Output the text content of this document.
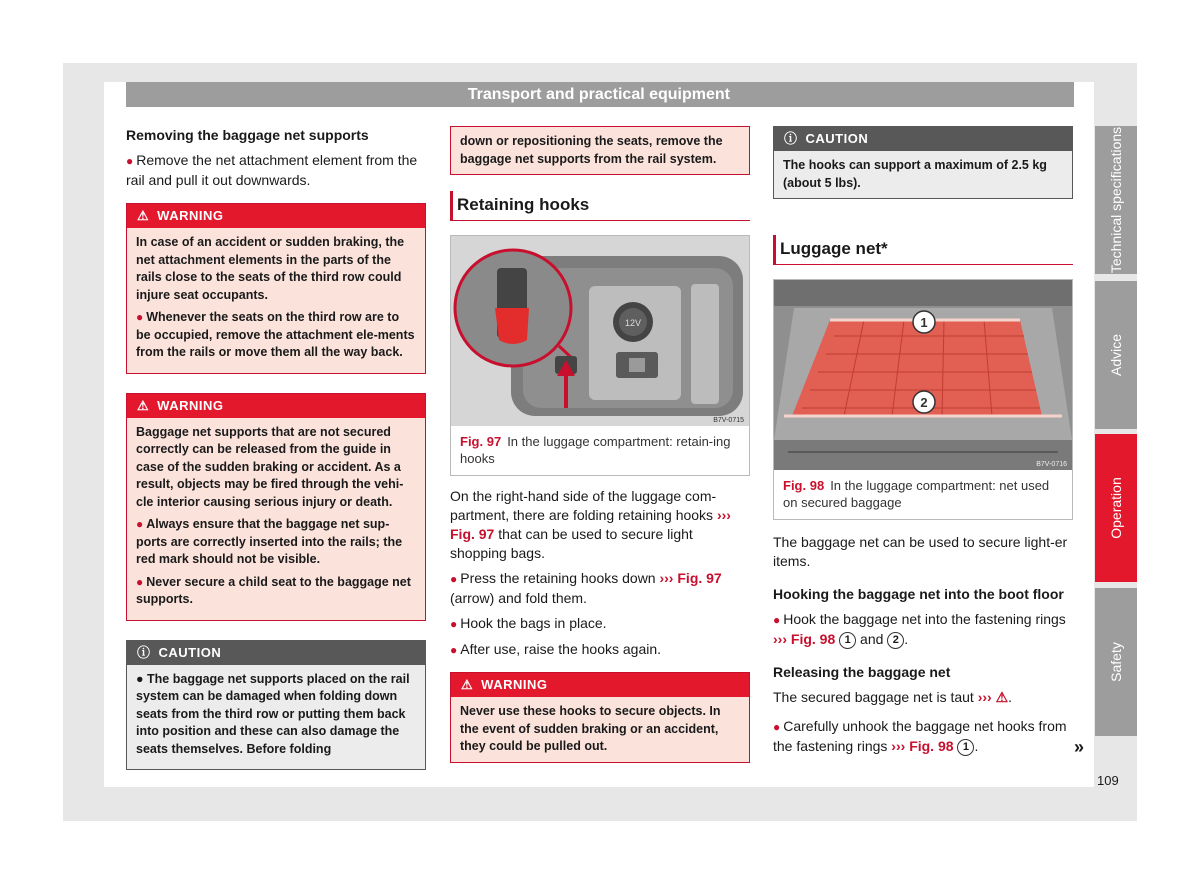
Transport and practical equipment
Removing the baggage net supports

● Remove the net attachment element from the rail and pull it out downwards.

⚠ WARNING

In case of an accident or sudden braking, the net attachment elements in the parts of the rails close to the seats of the third row could injure seat occupants.

● Whenever the seats on the third row are to be occupied, remove the attachment ele-ments from the rails or move them all the way back.

⚠ WARNING

Baggage net supports that are not secured correctly can be released from the guide in case of the sudden braking or accident. As a result, objects may be fired through the vehi-cle interior causing serious injury or death.

● Always ensure that the baggage net sup-ports are correctly inserted into the rails; the red mark should not be visible.

● Never secure a child seat to the baggage net supports.

ⓘ CAUTION

● The baggage net supports placed on the rail system can be damaged when folding down seats from the third row or putting them back into position and these can also damage the seats themselves. Before folding

down or repositioning the seats, remove the baggage net supports from the rail system.
Retaining hooks
12V
B7V-0715
Fig. 97 In the luggage compartment: retain-ing hooks

On the right-hand side of the luggage com-partment, there are folding retaining hooks ››› Fig. 97 that can be used to secure light shopping bags.

● Press the retaining hooks down ››› Fig. 97 (arrow) and fold them.

● Hook the bags in place.

● After use, raise the hooks again.

⚠ WARNING
Never use these hooks to secure objects. In the event of sudden braking or an accident, they could be pulled out.
ⓘ CAUTION
The hooks can support a maximum of 2.5 kg (about 5 lbs).
Luggage net*
1
2
B7V-0716
Fig. 98 In the luggage compartment: net used on secured baggage

The baggage net can be used to secure light-er items.

Hooking the baggage net into the boot floor

● Hook the baggage net into the fastening rings ››› Fig. 98 1 and 2 .

Releasing the baggage net

The secured baggage net is taut ››› ⚠.

● Carefully unhook the baggage net hooks from the fastening rings ››› Fig. 98 1 .	»
Technical specifications
Advice
Operation
Safety
109
